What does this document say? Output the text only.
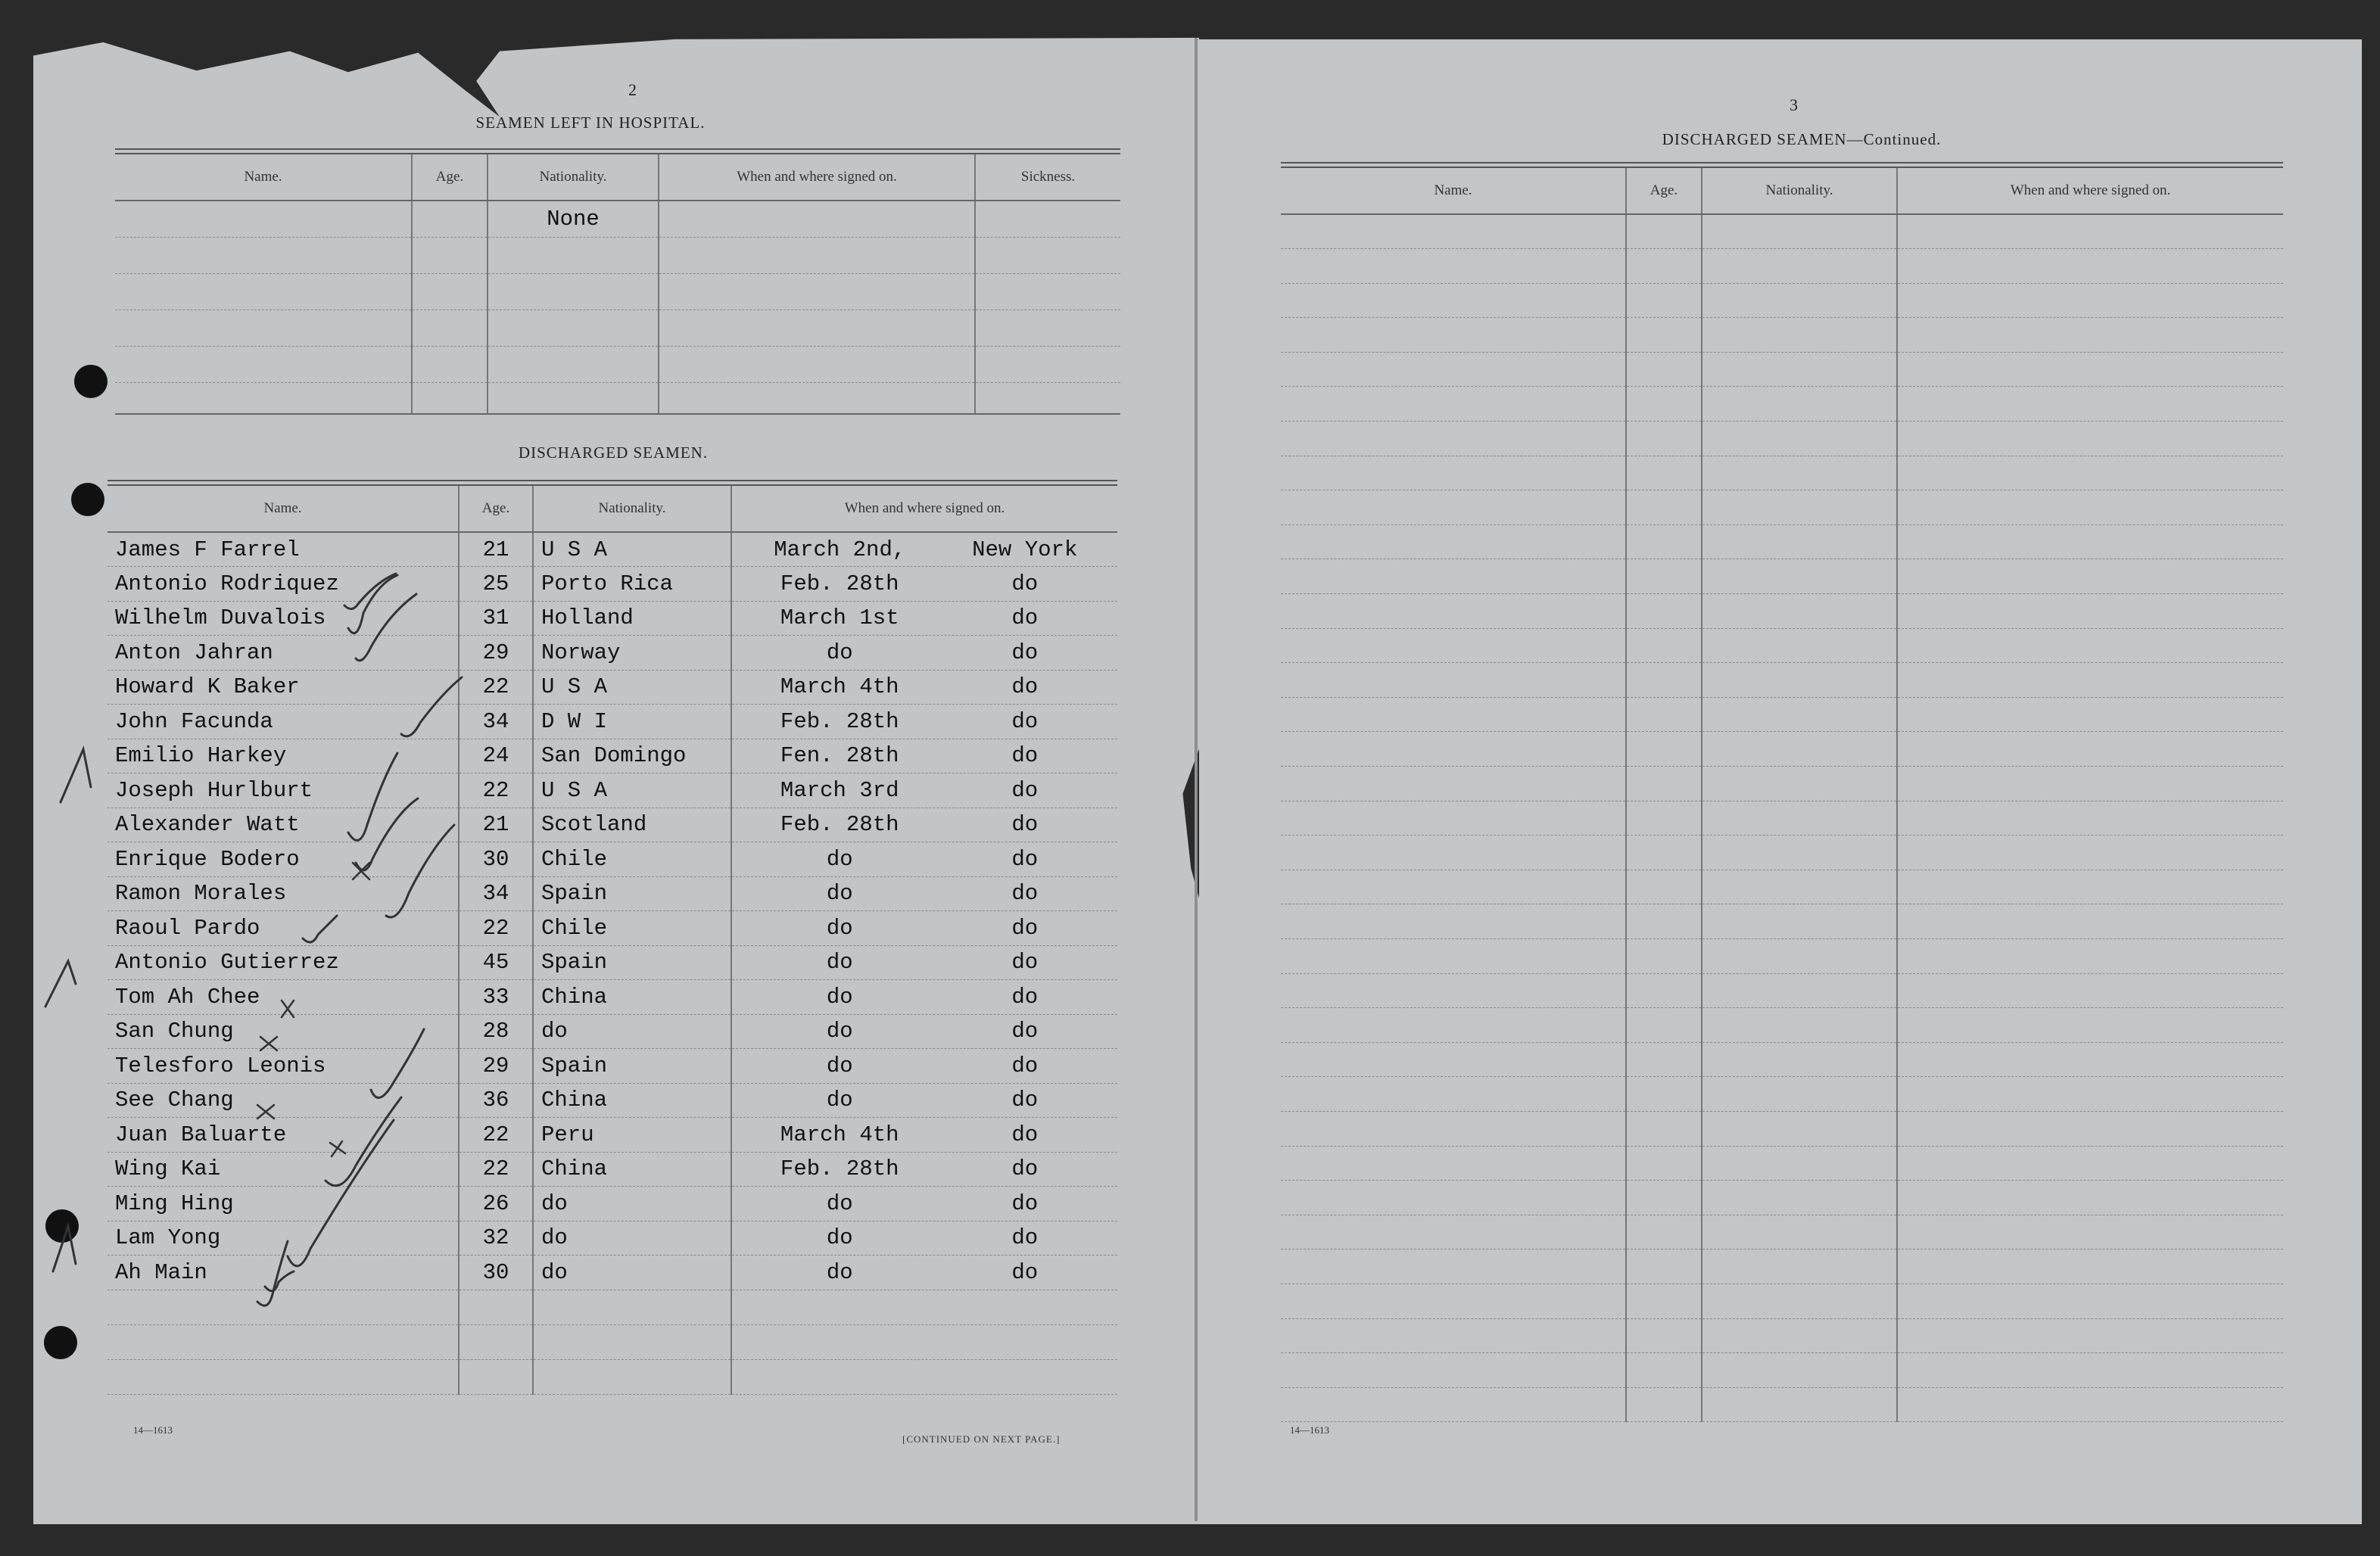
2
SEAMEN LEFT IN HOSPITAL.
Name.	Age.	Nationality.	When and where signed on.	Sickness.
		None		

DISCHARGED SEAMEN.
Name.	Age.	Nationality.	When and where signed on.
James F Farrel	21	U S A	March 2nd, New York
Antonio Rodriquez	25	Porto Rica	Feb. 28th do
Wilhelm Duvalois	31	Holland	March 1st do
Anton Jahran	29	Norway	do do
Howard K Baker	22	U S A	March 4th do
John Facunda	34	D W I	Feb. 28th do
Emilio Harkey	24	San Domingo	Fen. 28th do
Joseph Hurlburt	22	U S A	March 3rd do
Alexander Watt	21	Scotland	Feb. 28th do
Enrique Bodero	30	Chile	do do
Ramon Morales	34	Spain	do do
Raoul Pardo	22	Chile	do do
Antonio Gutierrez	45	Spain	do do
Tom Ah Chee	33	China	do do
San Chung	28	do	do do
Telesforo Leonis	29	Spain	do do
See Chang	36	China	do do
Juan Baluarte	22	Peru	March 4th do
Wing Kai	22	China	Feb. 28th do
Ming Hing	26	do	do do
Lam Yong	32	do	do do
Ah Main	30	do	do do

14—1613
[CONTINUED ON NEXT PAGE.]
3
DISCHARGED SEAMEN—Continued.
Name.	Age.	Nationality.	When and where signed on.

14—1613
